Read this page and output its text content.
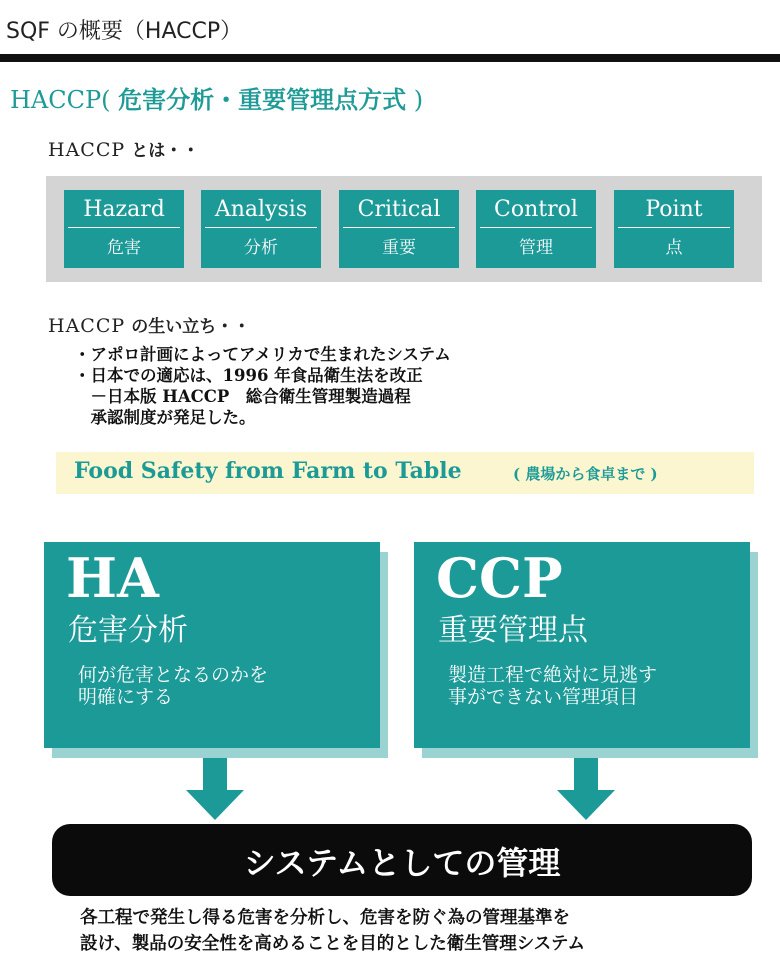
SQF の概要（HACCP）
HACCP( 危害分析・重要管理点方式 )
HACCP とは・・
Hazard
危害
Analysis
分析
Critical
重要
Control
管理
Point
点
HACCP の生い立ち・・
・アポロ計画によってアメリカで生まれたシステム
・日本での適応は、1996 年食品衛生法を改正
　－日本版 HACCP　総合衛生管理製造過程
　承認制度が発足した。
Food Safety from Farm to Table	( 農場から食卓まで )
HA
危害分析
何が危害となるのかを
明確にする
CCP
重要管理点
製造工程で絶対に見逃す
事ができない管理項目
システムとしての管理
各工程で発生し得る危害を分析し、危害を防ぐ為の管理基準を
設け、製品の安全性を高めることを目的とした衛生管理システム
